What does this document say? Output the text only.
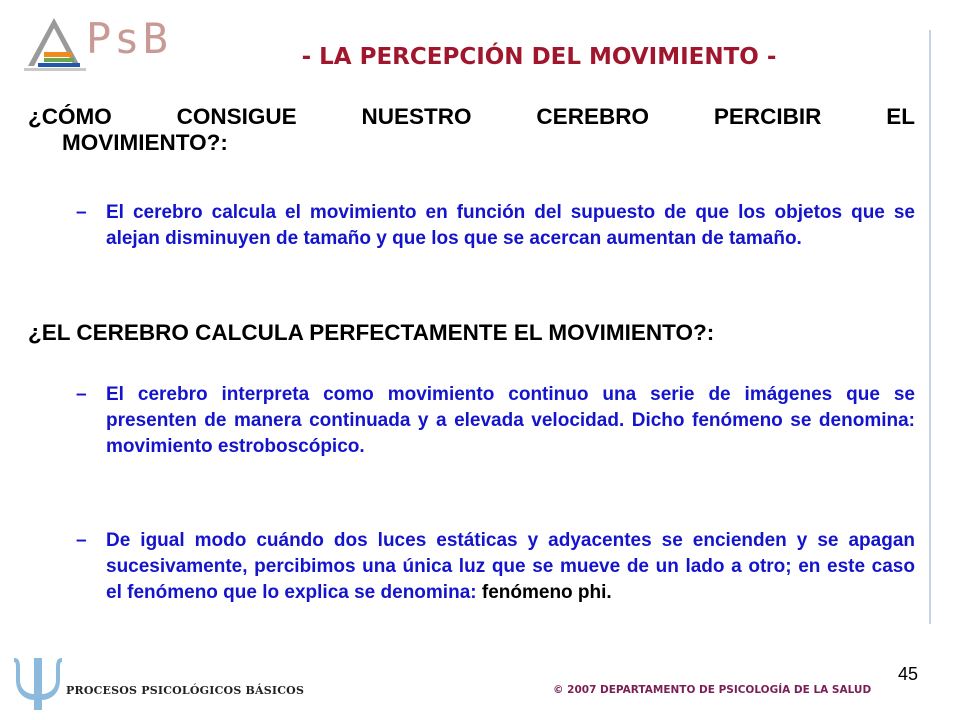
PsB	- LA PERCEPCIÓN DEL MOVIMIENTO -
¿CÓMO CONSIGUE NUESTRO CEREBRO PERCIBIR EL
MOVIMIENTO?:
– El cerebro calcula el movimiento en función del supuesto de que los objetos que se alejan disminuyen de tamaño y que los que se acercan aumentan de tamaño.
¿EL CEREBRO CALCULA PERFECTAMENTE EL MOVIMIENTO?:
– El cerebro interpreta como movimiento continuo una serie de imágenes que se presenten de manera continuada y a elevada velocidad. Dicho fenómeno se denomina: movimiento estroboscópico.
– De igual modo cuándo dos luces estáticas y adyacentes se encienden y se apagan sucesivamente, percibimos una única luz que se mueve de un lado a otro; en este caso el fenómeno que lo explica se denomina: fenómeno phi.
PROCESOS PSICOLÓGICOS BÁSICOS	© 2007 DEPARTAMENTO DE PSICOLOGÍA DE LA SALUD
45
